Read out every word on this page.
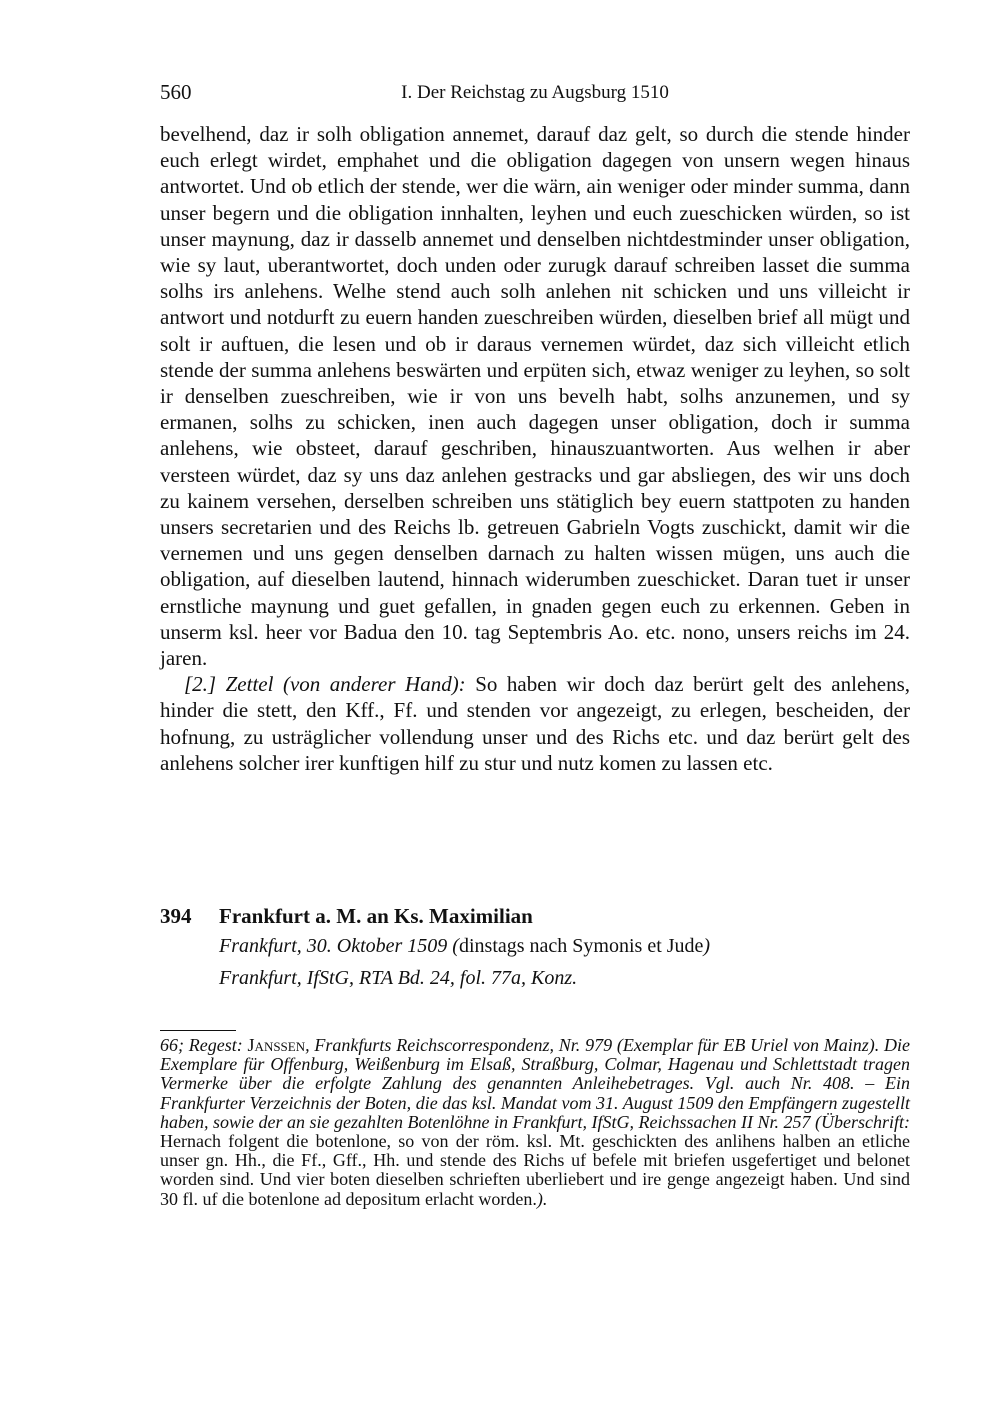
560	I. Der Reichstag zu Augsburg 1510

bevelhend, daz ir solh obligation annemet, darauf daz gelt, so durch die stende hinder euch erlegt wirdet, emphahet und die obligation dagegen von unsern wegen hinaus antwortet. Und ob etlich der stende, wer die wärn, ain weniger oder minder summa, dann unser begern und die obligation innhalten, leyhen und euch zueschicken würden, so ist unser maynung, daz ir dasselb annemet und denselben nichtdestminder unser obligation, wie sy laut, uberantwortet, doch unden oder zurugk darauf schreiben lasset die summa solhs irs anlehens. Welhe stend auch solh anlehen nit schicken und uns villeicht ir antwort und notdurft zu euern handen zueschreiben würden, dieselben brief all mügt und solt ir auftuen, die lesen und ob ir daraus vernemen würdet, daz sich villeicht etlich stende der summa anlehens beswärten und erpüten sich, etwaz weniger zu leyhen, so solt ir denselben zueschreiben, wie ir von uns bevelh habt, solhs anzunemen, und sy ermanen, solhs zu schicken, inen auch dagegen unser obligation, doch ir summa anlehens, wie obsteet, darauf geschriben, hinauszuantworten. Aus welhen ir aber versteen würdet, daz sy uns daz anlehen gestracks und gar absliegen, des wir uns doch zu kainem versehen, derselben schreiben uns stätiglich bey euern stattpoten zu handen unsers secretarien und des Reichs lb. getreuen Gabrieln Vogts zuschickt, damit wir die vernemen und uns gegen denselben darnach zu halten wissen mügen, uns auch die obligation, auf dieselben lautend, hinnach widerumben zueschicket. Daran tuet ir unser ernstliche maynung und guet gefallen, in gnaden gegen euch zu erkennen. Geben in unserm ksl. heer vor Badua den 10. tag Septembris Ao. etc. nono, unsers reichs im 24. jaren.

[2.] Zettel (von anderer Hand): So haben wir doch daz berürt gelt des anlehens, hinder die stett, den Kff., Ff. und stenden vor angezeigt, zu erlegen, bescheiden, der hofnung, zu usträglicher vollendung unser und des Richs etc. und daz berürt gelt des anlehens solcher irer kunftigen hilf zu stur und nutz komen zu lassen etc.

394 Frankfurt a. M. an Ks. Maximilian
Frankfurt, 30. Oktober 1509 (dinstags nach Symonis et Jude)
Frankfurt, IfStG, RTA Bd. 24, fol. 77a, Konz.

66; Regest: Janssen, Frankfurts Reichscorrespondenz, Nr. 979 (Exemplar für EB Uriel von Mainz). Die Exemplare für Offenburg, Weißenburg im Elsaß, Straßburg, Colmar, Hagenau und Schlettstadt tragen Vermerke über die erfolgte Zahlung des genannten Anleihebetrages. Vgl. auch Nr. 408. – Ein Frankfurter Verzeichnis der Boten, die das ksl. Mandat vom 31. August 1509 den Empfängern zugestellt haben, sowie der an sie gezahlten Botenlöhne in Frankfurt, IfStG, Reichssachen II Nr. 257 (Überschrift: Hernach folgent die botenlone, so von der röm. ksl. Mt. geschickten des anlihens halben an etliche unser gn. Hh., die Ff., Gff., Hh. und stende des Richs uf befele mit briefen usgefertiget und belonet worden sind. Und vier boten dieselben schrieften uberliebert und ire genge angezeigt haben. Und sind 30 fl. uf die botenlone ad depositum erlacht worden.).
